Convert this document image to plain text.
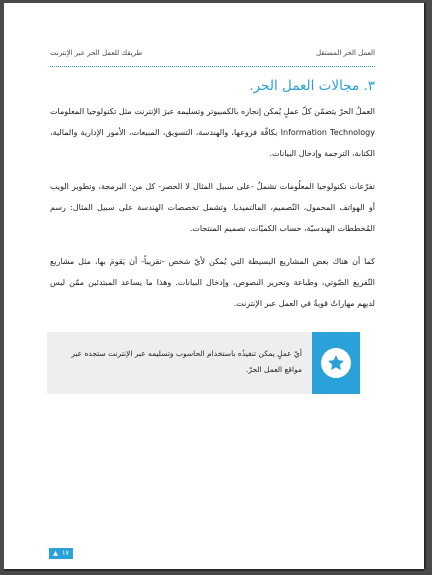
العمل الحر المستقل
طريقك للعمل الحر عبر الإنترنت
٣. مجالات العمل الحر.

العملُ الحرّ يتضمّن كلّ عملٍ يُمكن إنجازه بالكمبيوتر وتسليمه عبرَ الإنترنت مثل تكنولوجيا المعلومات Information Technology بكافّة فروعها، والهندسة، التسويق، المبيعات، الأمور الإدارية والمالية، الكتابة، الترجمة وإدخال البيانات.

تفرّعات تكنولوجيا المعلُومات تشملُ -على سبيل المثال لا الحصر- كل من: البرمجة، وتطوير الويب أو الهواتف المحمول، التّصميم، المالتميديا. وتشمل تخصصات الهندسة على سبيل المثال: رسم المُخططات الهندسيّة، حساب الكميّات، تصميم المنتجات.

كما أن هناك بعض المشاريع البسيطة التي يُمكن لأيّ شخص -تقريباً- أن يَقومَ بها، مثل مشاريع التّفريغ الصّوتي، وطباعة وتحرير النصوص، وإدخال البيانات. وهذا ما يساعد المبتدئين ممّن ليس لديهم مهاراتٌ قويةٌ في العمل عبر الإنترنت.

أيّ عملٍ يمكن تنفيذُه باستخدام الحاسوب وتسليمه عبر الإنترنت ستجده عبر مواقع العمل الحرّ.
١٧
▲
